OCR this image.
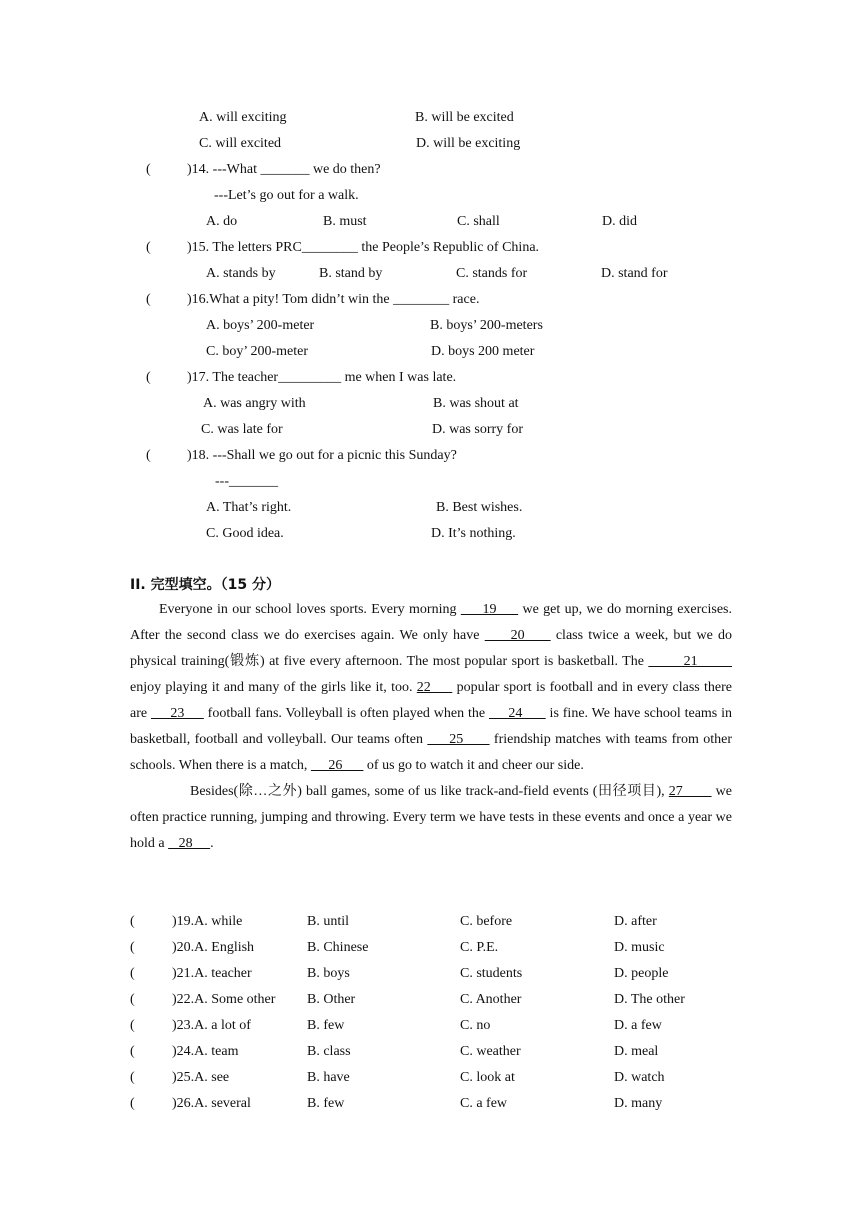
A. will exciting	B. will be excited
C. will excited	D. will be exciting
(	)14. ---What _______ we do then?
---Let’s go out for a walk.
A. do	B. must	C. shall	D. did
(	)15. The letters PRC________ the People’s Republic of China.
A. stands by	B. stand by	C. stands for	D. stand for
(	)16.What a pity! Tom didn’t win the ________ race.
A. boys’ 200-meter	B. boys’ 200-meters
C. boy’ 200-meter	D. boys 200 meter
(	)17. The teacher_________ me when I was late.
A. was angry with	B. was shout at
C. was late for	D. was sorry for
(	)18. ---Shall we go out for a picnic this Sunday?
---_______
A. That’s right.	B. Best wishes.
C. Good idea.	D. It’s nothing.
II. 完型填空。（15 分）

Everyone in our school loves sports. Every morning      19      we get up, we do morning exercises. After the second class we do exercises again. We only have      20      class twice a week, but we do physical training(锻炼) at five every afternoon. The most popular sport is basketball. The         21         enjoy playing it and many of the girls like it, too. 22      popular sport is football and in every class there are      23      football fans. Volleyball is often played when the      24       is fine. We have school teams in basketball, football and volleyball. Our teams often      25       friendship matches with teams from other schools. When there is a match,      26       of us go to watch it and cheer our side.

Besides(除…之外) ball games, some of us like track-and-field events (田径项目), 27        we often practice running, jumping and throwing. Every term we have tests in these events and once a year we hold a    28     .

(	)19.A. while	B. until	C. before	D. after
(	)20.A. English	B. Chinese	C. P.E.	D. music
(	)21.A. teacher	B. boys	C. students	D. people
(	)22.A. Some other B. Other	C. Another	D. The other
(	)23.A. a lot of	B. few	C. no	D. a few
(	)24.A. team	B. class	C. weather	D. meal
(	)25.A. see	B. have	C. look at	D. watch
(	)26.A. several	B. few	C. a few	D. many
